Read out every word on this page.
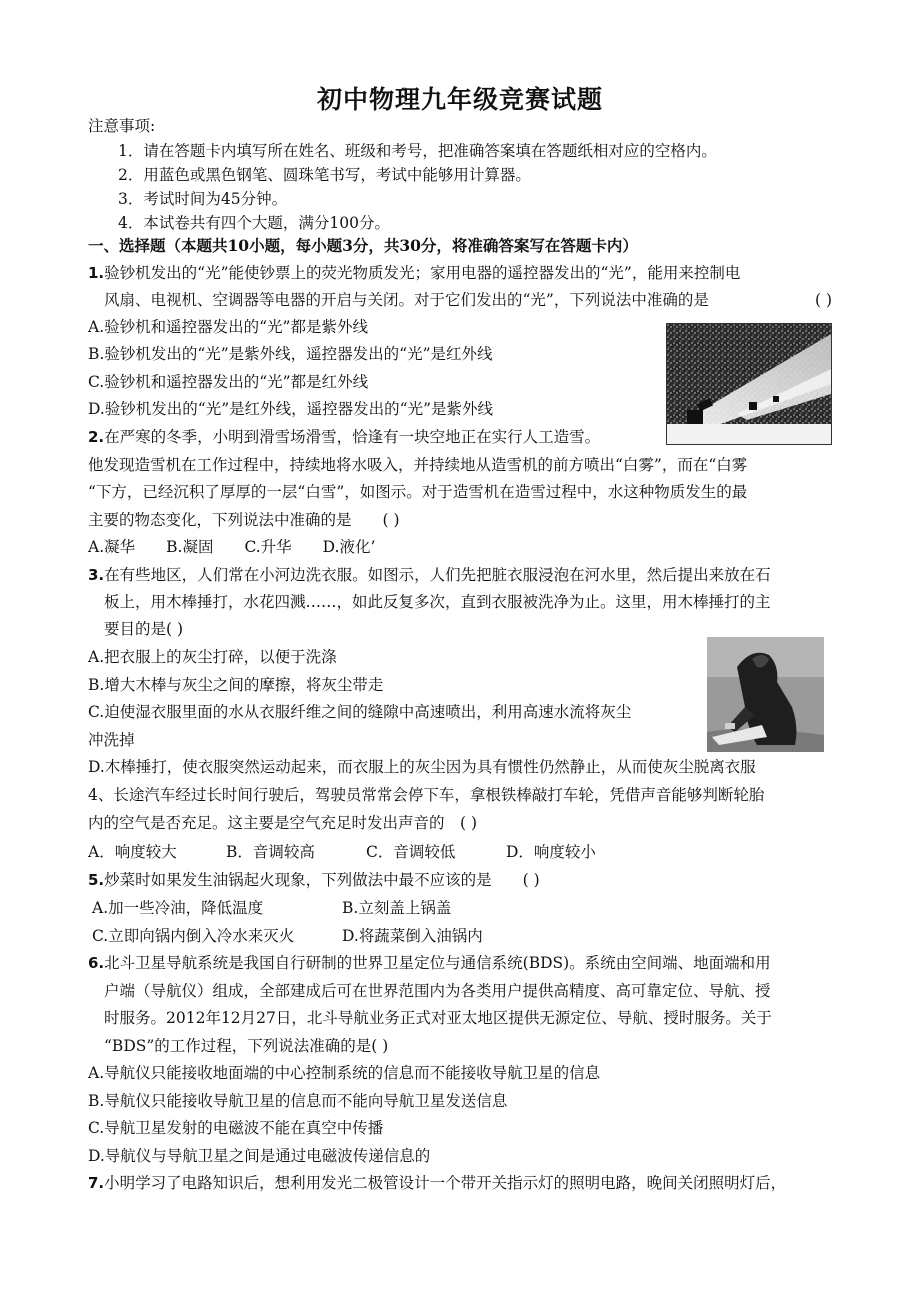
初中物理九年级竞赛试题
注意事项:
1．请在答题卡内填写所在姓名、班级和考号，把准确答案填在答题纸相对应的空格内。
2．用蓝色或黑色钢笔、圆珠笔书写，考试中能够用计算器。
3．考试时间为45分钟。
4．本试卷共有四个大题，满分100分。
一、选择题（本题共10小题，每小题3分，共30分，将准确答案写在答题卡内）
1.验钞机发出的“光”能使钞票上的荧光物质发光；家用电器的遥控器发出的“光”，能用来控制电
风扇、电视机、空调器等电器的开启与关闭。对于它们发出的“光”，下列说法中准确的是	( )
A.验钞机和遥控器发出的“光”都是紫外线
B.验钞机发出的“光”是紫外线，遥控器发出的“光”是红外线
C.验钞机和遥控器发出的“光”都是红外线
D.验钞机发出的“光”是红外线，遥控器发出的“光”是紫外线
2.在严寒的冬季，小明到滑雪场滑雪，恰逢有一块空地正在实行人工造雪。
他发现造雪机在工作过程中，持续地将水吸入，并持续地从造雪机的前方喷出“白雾”，而在“白雾
“下方，已经沉积了厚厚的一层“白雪”，如图示。对于造雪机在造雪过程中，水这种物质发生的最
主要的物态变化，下列说法中准确的是　　( )
A.凝华　　B.凝固　　C.升华　　D.液化’
3.在有些地区，人们常在小河边洗衣服。如图示，人们先把脏衣服浸泡在河水里，然后提出来放在石
板上，用木棒捶打，水花四溅……，如此反复多次，直到衣服被洗净为止。这里，用木棒捶打的主
要目的是( )
A.把衣服上的灰尘打碎，以便于洗涤
B.增大木棒与灰尘之间的摩擦，将灰尘带走
C.迫使湿衣服里面的水从衣服纤维之间的缝隙中高速喷出，利用高速水流将灰尘
冲洗掉
D.木棒捶打，使衣服突然运动起来，而衣服上的灰尘因为具有惯性仍然静止，从而使灰尘脱离衣服
4、长途汽车经过长时间行驶后，驾驶员常常会停下车，拿根铁棒敲打车轮，凭借声音能够判断轮胎
内的空气是否充足。这主要是空气充足时发出声音的　( )
A．响度较大	B．音调较高	C．音调较低	D．响度较小
5.炒菜时如果发生油锅起火现象，下列做法中最不应该的是　　( )
A.加一些冷油，降低温度	B.立刻盖上锅盖
C.立即向锅内倒入冷水来灭火	D.将蔬菜倒入油锅内
6.北斗卫星导航系统是我国自行研制的世界卫星定位与通信系统(BDS)。系统由空间端、地面端和用
户端（导航仪）组成，全部建成后可在世界范围内为各类用户提供高精度、高可靠定位、导航、授
时服务。2012年12月27日，北斗导航业务正式对亚太地区提供无源定位、导航、授时服务。关于
“BDS”的工作过程，下列说法准确的是( )
A.导航仪只能接收地面端的中心控制系统的信息而不能接收导航卫星的信息
B.导航仪只能接收导航卫星的信息而不能向导航卫星发送信息
C.导航卫星发射的电磁波不能在真空中传播
D.导航仪与导航卫星之间是通过电磁波传递信息的
7.小明学习了电路知识后，想利用发光二极管设计一个带开关指示灯的照明电路，晚间关闭照明灯后，
